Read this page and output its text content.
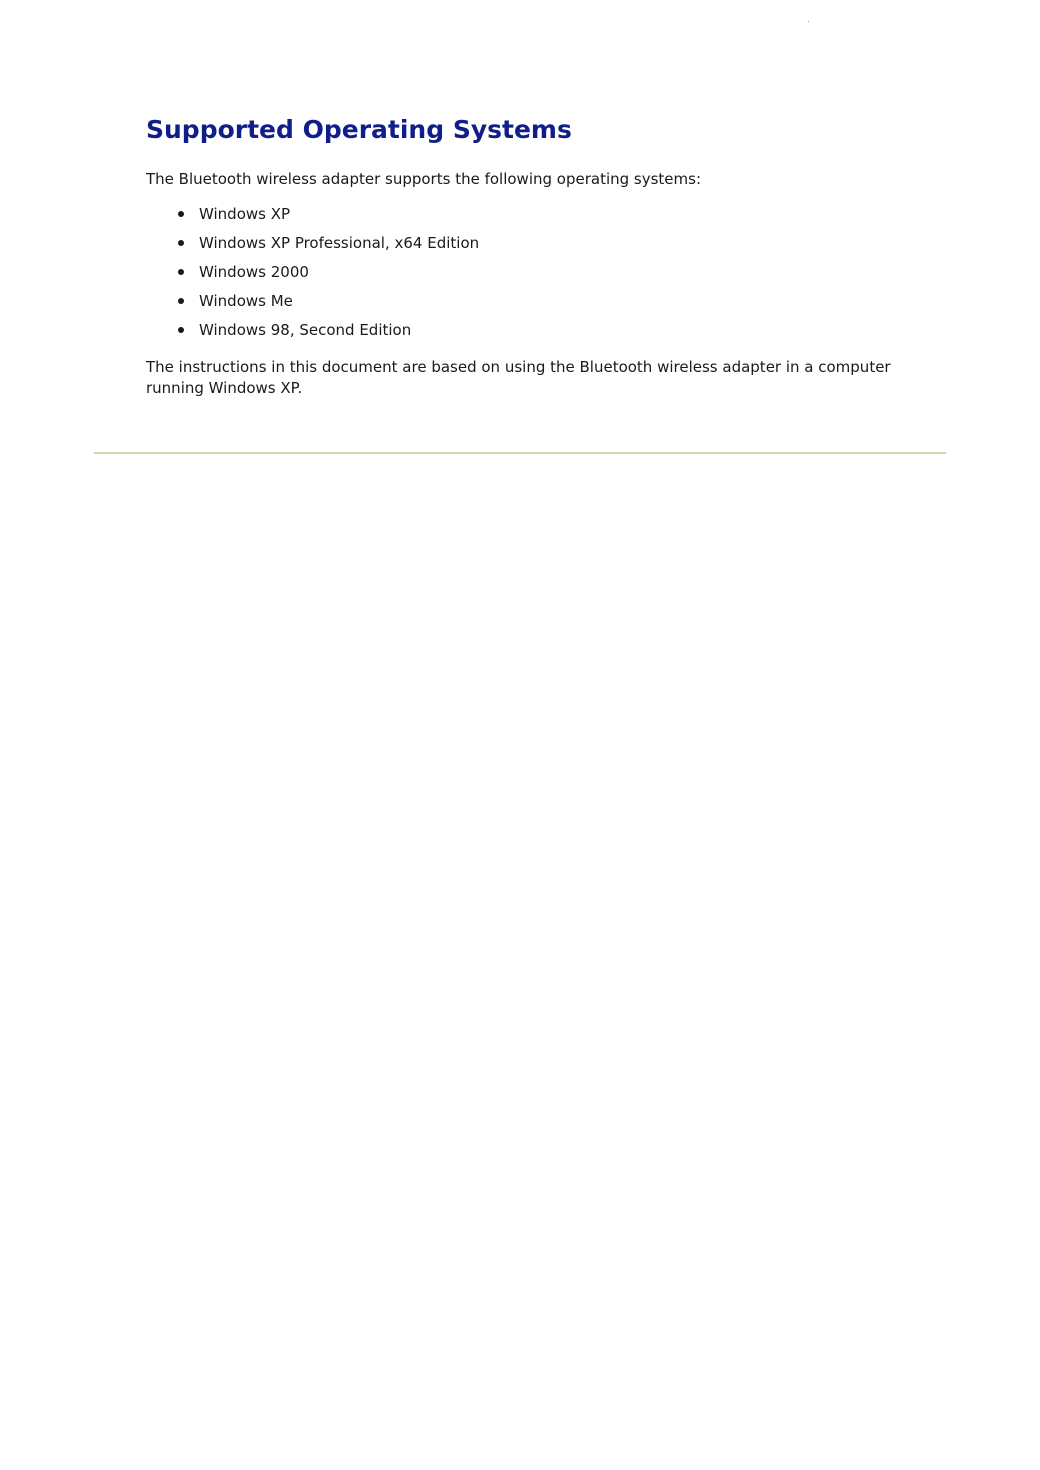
Supported Operating Systems

The Bluetooth wireless adapter supports the following operating systems:

Windows XP
Windows XP Professional, x64 Edition
Windows 2000
Windows Me
Windows 98, Second Edition

The instructions in this document are based on using the Bluetooth wireless adapter in a computer running Windows XP.
